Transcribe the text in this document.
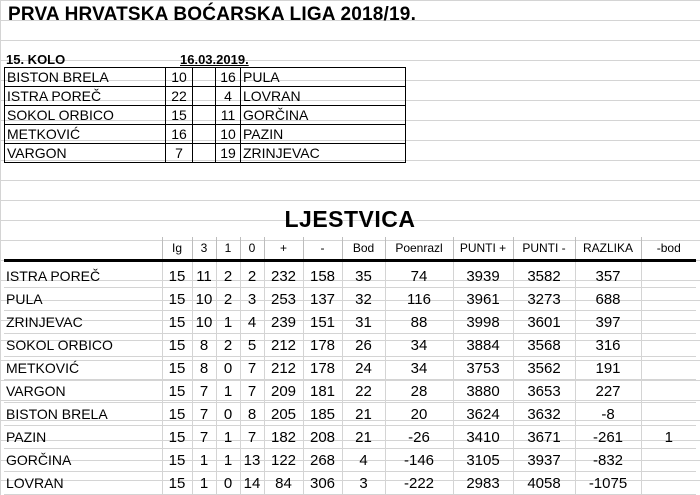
PRVA HRVATSKA BOĆARSKA LIGA 2018/19.
15. KOLO	16.03.2019.
BISTON BRELA	10		16	PULA
ISTRA POREČ	22		4	LOVRAN
SOKOL ORBICO	15		11	GORČINA
METKOVIĆ	16		10	PAZIN
VARGON	7		19	ZRINJEVAC
LJESTVICA
	Ig	3	1	0	+	-	Bod	Poenrazl	PUNTI +	PUNTI -	RAZLIKA	-bod
ISTRA POREČ	15	11	2	2	232	158	35	74	3939	3582	357	
PULA	15	10	2	3	253	137	32	116	3961	3273	688	
ZRINJEVAC	15	10	1	4	239	151	31	88	3998	3601	397	
SOKOL ORBICO	15	8	2	5	212	178	26	34	3884	3568	316	
METKOVIĆ	15	8	0	7	212	178	24	34	3753	3562	191	
VARGON	15	7	1	7	209	181	22	28	3880	3653	227	
BISTON BRELA	15	7	0	8	205	185	21	20	3624	3632	-8	
PAZIN	15	7	1	7	182	208	21	-26	3410	3671	-261	1
GORČINA	15	1	1	13	122	268	4	-146	3105	3937	-832	
LOVRAN	15	1	0	14	84	306	3	-222	2983	4058	-1075	
